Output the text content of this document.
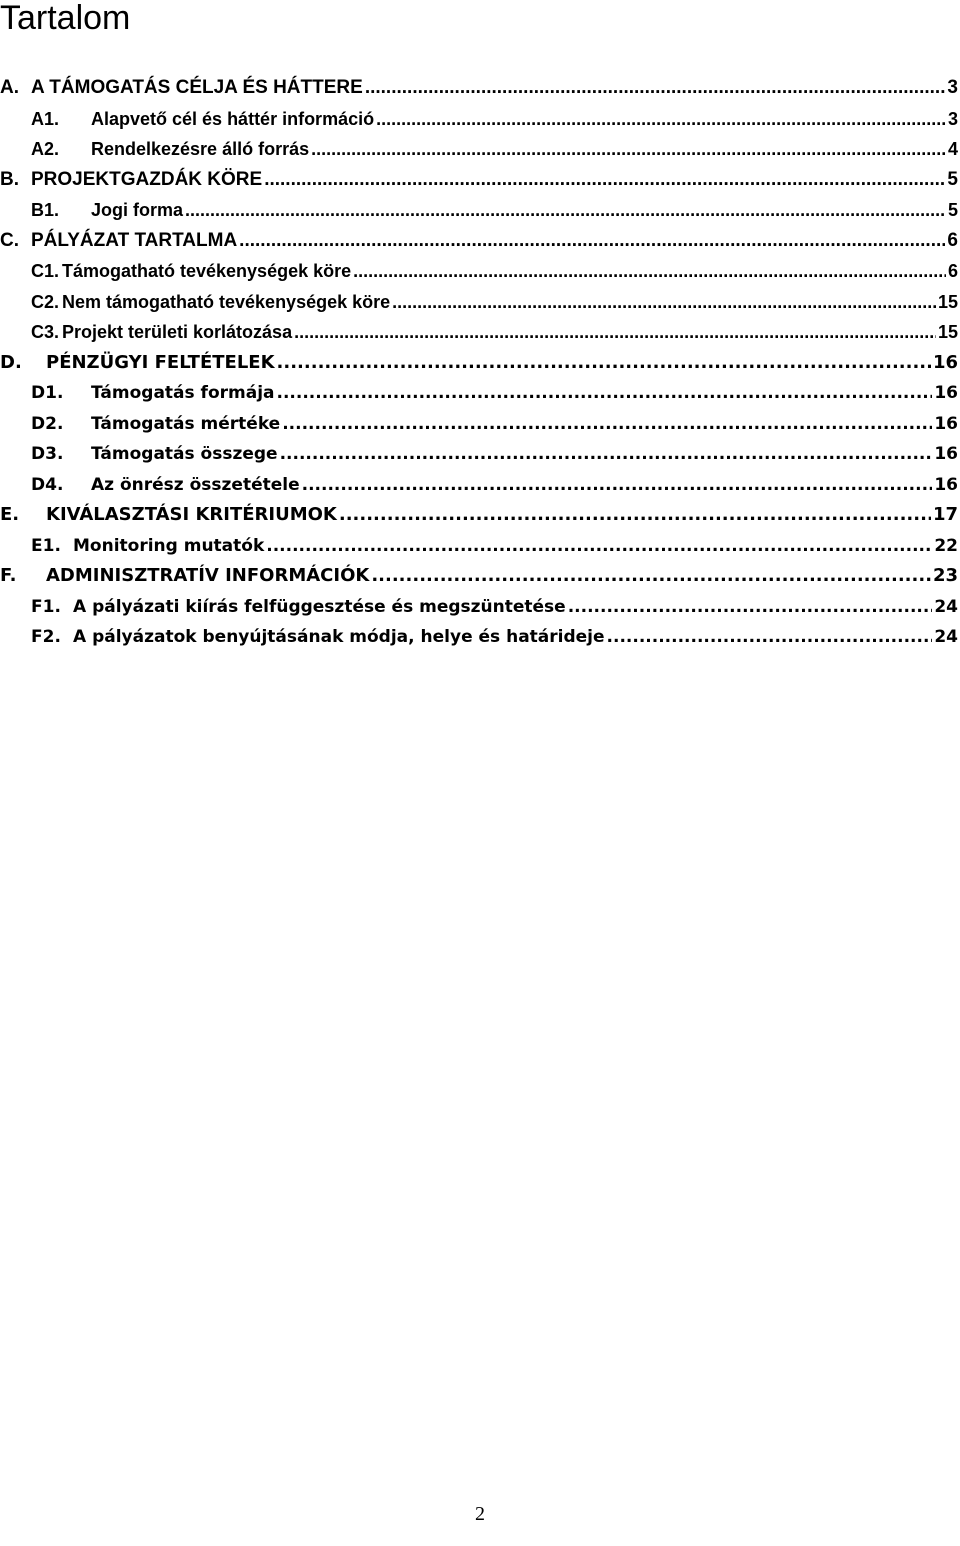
Tartalom
A. A TÁMOGATÁS CÉLJA ÉS HÁTTERE .....	3
A1.	Alapvető cél és háttér információ .....	3
A2.	Rendelkezésre álló forrás .....	4
B. PROJEKTGAZDÁK KÖRE .....	5
B1.	Jogi forma .....	5
C. PÁLYÁZAT TARTALMA .....	6
C1. Támogatható tevékenységek köre .....	6
C2. Nem támogatható tevékenységek köre .....	15
C3. Projekt területi korlátozása .....	15
D.	PÉNZÜGYI FELTÉTELEK .....	16
D1.	Támogatás formája .....	16
D2.	Támogatás mértéke .....	16
D3.	Támogatás összege .....	16
D4.	Az önrész összetétele .....	16
E.	KIVÁLASZTÁSI KRITÉRIUMOK .....	17
E1. Monitoring mutatók .....	22
F.	ADMINISZTRATÍV INFORMÁCIÓK .....	23
F1. A pályázati kiírás felfüggesztése és megszüntetése .....	24
F2. A pályázatok benyújtásának módja, helye és határideje .....	24
2
